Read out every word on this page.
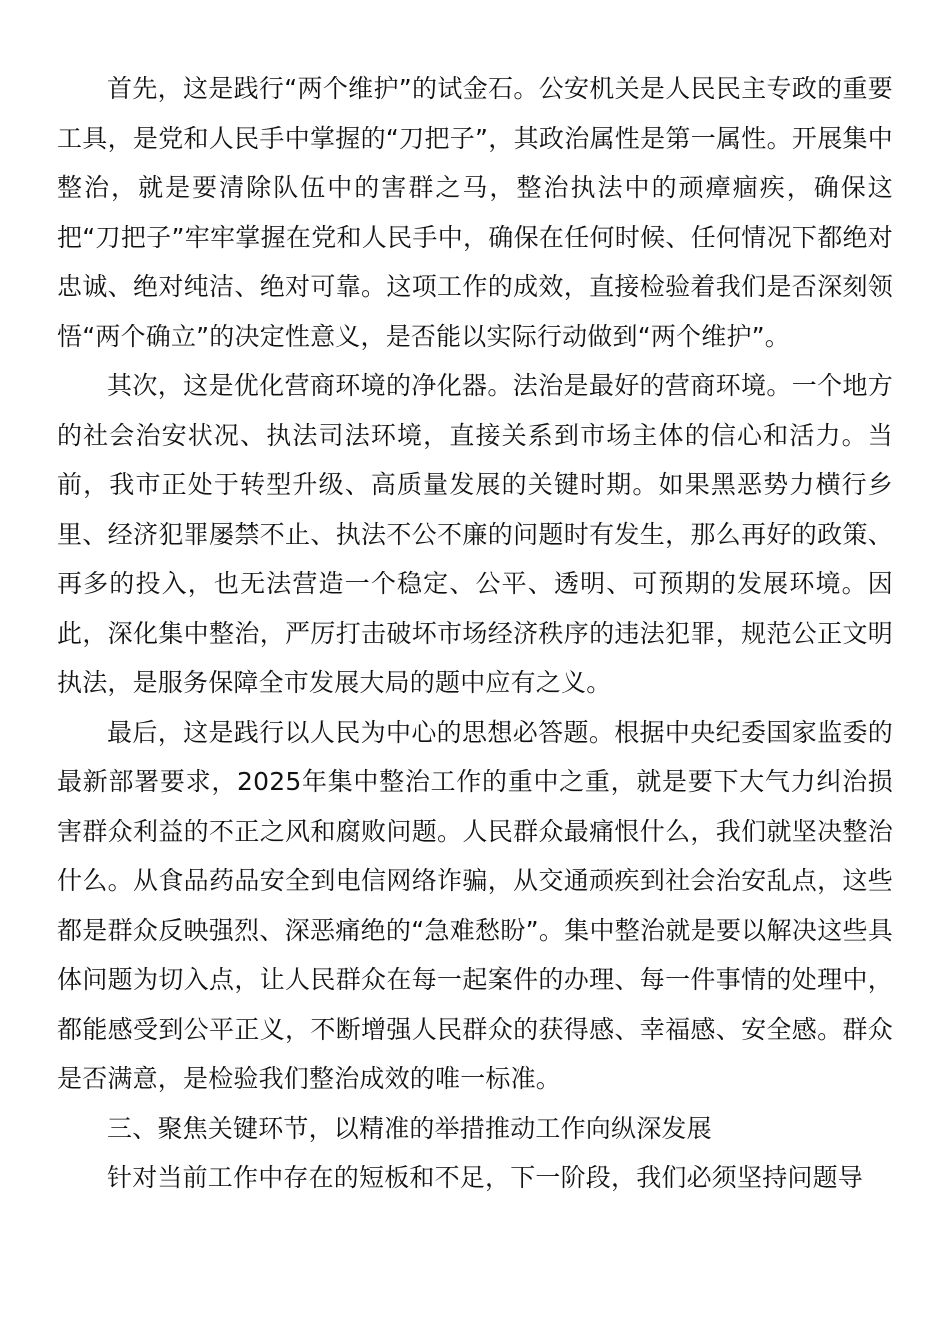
首先，这是践行“两个维护”的试金石。公安机关是人民民主专政的重要工具，是党和人民手中掌握的“刀把子”，其政治属性是第一属性。开展集中整治，就是要清除队伍中的害群之马，整治执法中的顽瘴痼疾，确保这把“刀把子”牢牢掌握在党和人民手中，确保在任何时候、任何情况下都绝对忠诚、绝对纯洁、绝对可靠。这项工作的成效，直接检验着我们是否深刻领悟“两个确立”的决定性意义，是否能以实际行动做到“两个维护”。

其次，这是优化营商环境的净化器。法治是最好的营商环境。一个地方的社会治安状况、执法司法环境，直接关系到市场主体的信心和活力。当前，我市正处于转型升级、高质量发展的关键时期。如果黑恶势力横行乡里、经济犯罪屡禁不止、执法不公不廉的问题时有发生，那么再好的政策、再多的投入，也无法营造一个稳定、公平、透明、可预期的发展环境。因此，深化集中整治，严厉打击破坏市场经济秩序的违法犯罪，规范公正文明执法，是服务保障全市发展大局的题中应有之义。

最后，这是践行以人民为中心的思想必答题。根据中央纪委国家监委的最新部署要求，2025年集中整治工作的重中之重，就是要下大气力纠治损害群众利益的不正之风和腐败问题。人民群众最痛恨什么，我们就坚决整治什么。从食品药品安全到电信网络诈骗，从交通顽疾到社会治安乱点，这些都是群众反映强烈、深恶痛绝的“急难愁盼”。集中整治就是要以解决这些具体问题为切入点，让人民群众在每一起案件的办理、每一件事情的处理中，都能感受到公平正义，不断增强人民群众的获得感、幸福感、安全感。群众是否满意，是检验我们整治成效的唯一标准。

三、聚焦关键环节，以精准的举措推动工作向纵深发展

针对当前工作中存在的短板和不足，下一阶段，我们必须坚持问题导
